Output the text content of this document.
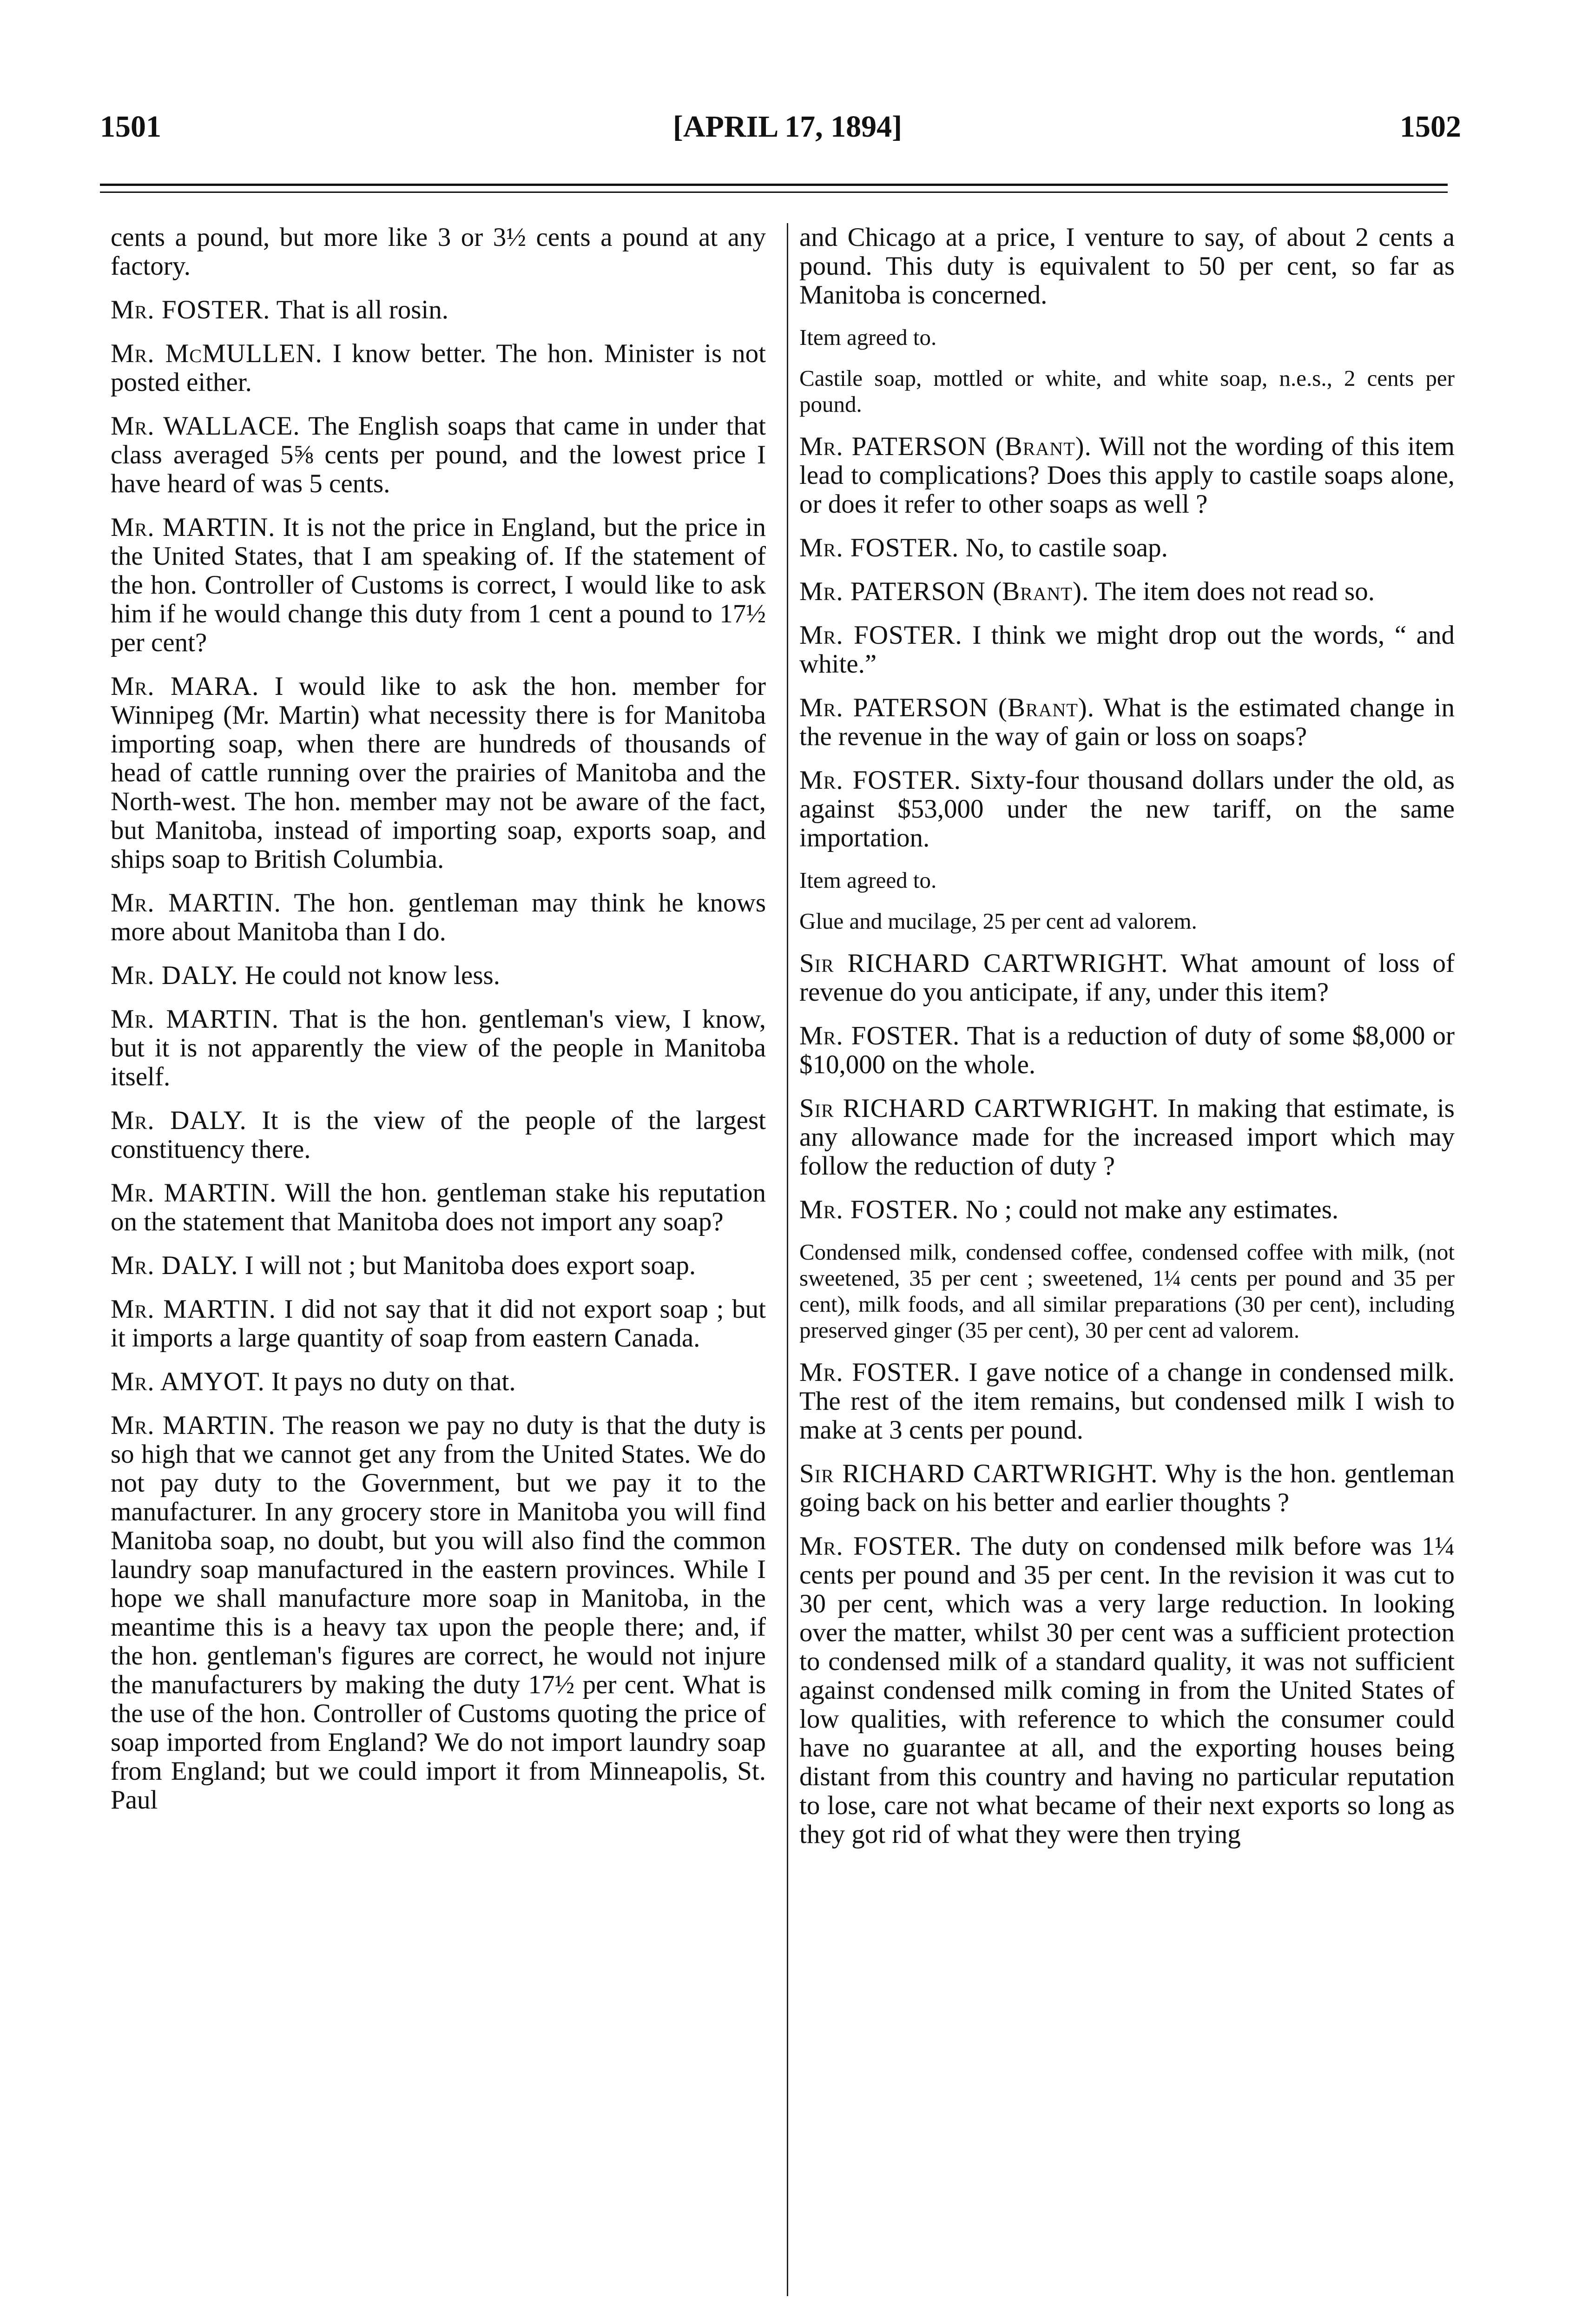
1501	[APRIL 17, 1894]	1502

cents a pound, but more like 3 or 3½ cents a pound at any factory.

Mr. FOSTER. That is all rosin.

Mr. McMULLEN. I know better. The hon. Minister is not posted either.

Mr. WALLACE. The English soaps that came in under that class averaged 5⅝ cents per pound, and the lowest price I have heard of was 5 cents.

Mr. MARTIN. It is not the price in England, but the price in the United States, that I am speaking of. If the statement of the hon. Controller of Customs is correct, I would like to ask him if he would change this duty from 1 cent a pound to 17½ per cent?

Mr. MARA. I would like to ask the hon. member for Winnipeg (Mr. Martin) what necessity there is for Manitoba importing soap, when there are hundreds of thousands of head of cattle running over the prairies of Manitoba and the North-west. The hon. member may not be aware of the fact, but Manitoba, instead of importing soap, exports soap, and ships soap to British Columbia.

Mr. MARTIN. The hon. gentleman may think he knows more about Manitoba than I do.

Mr. DALY. He could not know less.

Mr. MARTIN. That is the hon. gentleman's view, I know, but it is not apparently the view of the people in Manitoba itself.

Mr. DALY. It is the view of the people of the largest constituency there.

Mr. MARTIN. Will the hon. gentleman stake his reputation on the statement that Manitoba does not import any soap?

Mr. DALY. I will not ; but Manitoba does export soap.

Mr. MARTIN. I did not say that it did not export soap ; but it imports a large quantity of soap from eastern Canada.

Mr. AMYOT. It pays no duty on that.

Mr. MARTIN. The reason we pay no duty is that the duty is so high that we cannot get any from the United States. We do not pay duty to the Government, but we pay it to the manufacturer. In any grocery store in Manitoba you will find Manitoba soap, no doubt, but you will also find the common laundry soap manufactured in the eastern provinces. While I hope we shall manufacture more soap in Manitoba, in the meantime this is a heavy tax upon the people there; and, if the hon. gentleman's figures are correct, he would not injure the manufacturers by making the duty 17½ per cent. What is the use of the hon. Controller of Customs quoting the price of soap imported from England? We do not import laundry soap from England; but we could import it from Minneapolis, St. Paul

and Chicago at a price, I venture to say, of about 2 cents a pound. This duty is equivalent to 50 per cent, so far as Manitoba is concerned.

Item agreed to.

Castile soap, mottled or white, and white soap, n.e.s., 2 cents per pound.

Mr. PATERSON (Brant). Will not the wording of this item lead to complications? Does this apply to castile soaps alone, or does it refer to other soaps as well ?

Mr. FOSTER. No, to castile soap.

Mr. PATERSON (Brant). The item does not read so.

Mr. FOSTER. I think we might drop out the words, “ and white.”

Mr. PATERSON (Brant). What is the estimated change in the revenue in the way of gain or loss on soaps?

Mr. FOSTER. Sixty-four thousand dollars under the old, as against $53,000 under the new tariff, on the same importation.

Item agreed to.

Glue and mucilage, 25 per cent ad valorem.

Sir RICHARD CARTWRIGHT. What amount of loss of revenue do you anticipate, if any, under this item?

Mr. FOSTER. That is a reduction of duty of some $8,000 or $10,000 on the whole.

Sir RICHARD CARTWRIGHT. In making that estimate, is any allowance made for the increased import which may follow the reduction of duty ?

Mr. FOSTER. No ; could not make any estimates.

Condensed milk, condensed coffee, condensed coffee with milk, (not sweetened, 35 per cent ; sweetened, 1¼ cents per pound and 35 per cent), milk foods, and all similar preparations (30 per cent), including preserved ginger (35 per cent), 30 per cent ad valorem.

Mr. FOSTER. I gave notice of a change in condensed milk. The rest of the item remains, but condensed milk I wish to make at 3 cents per pound.

Sir RICHARD CARTWRIGHT. Why is the hon. gentleman going back on his better and earlier thoughts ?

Mr. FOSTER. The duty on condensed milk before was 1¼ cents per pound and 35 per cent. In the revision it was cut to 30 per cent, which was a very large reduction. In looking over the matter, whilst 30 per cent was a sufficient protection to condensed milk of a standard quality, it was not sufficient against condensed milk coming in from the United States of low qualities, with reference to which the consumer could have no guarantee at all, and the exporting houses being distant from this country and having no particular reputation to lose, care not what became of their next exports so long as they got rid of what they were then trying
